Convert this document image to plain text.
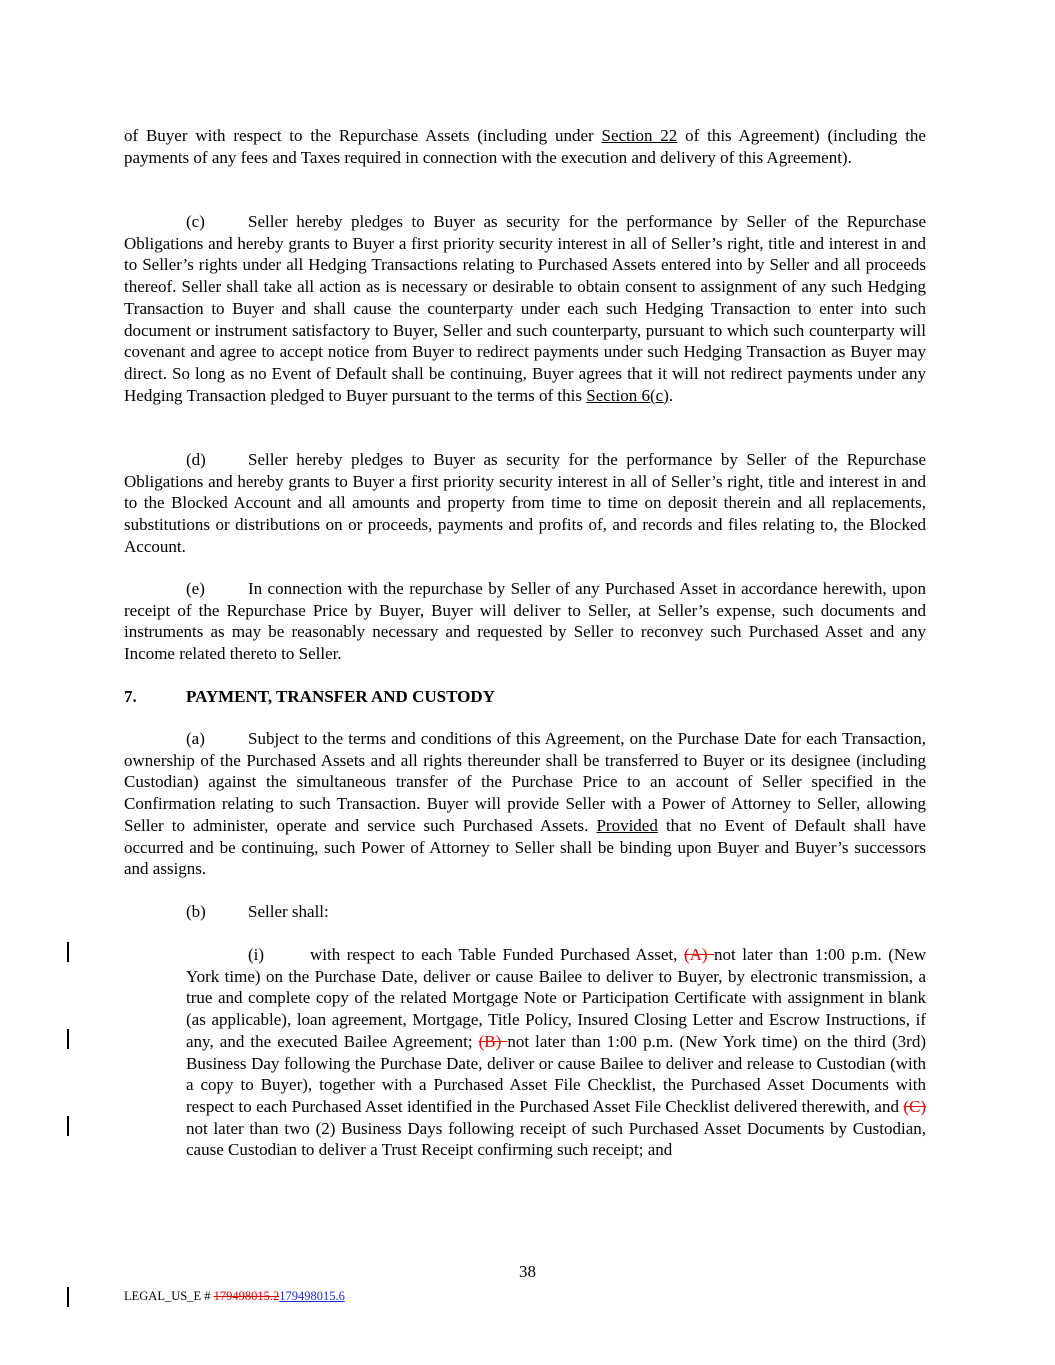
of Buyer with respect to the Repurchase Assets (including under Section 22 of this Agreement) (including the payments of any fees and Taxes required in connection with the execution and delivery of this Agreement).

(c)	Seller hereby pledges to Buyer as security for the performance by Seller of the Repurchase Obligations and hereby grants to Buyer a first priority security interest in all of Seller’s right, title and interest in and to Seller’s rights under all Hedging Transactions relating to Purchased Assets entered into by Seller and all proceeds thereof. Seller shall take all action as is necessary or desirable to obtain consent to assignment of any such Hedging Transaction to Buyer and shall cause the counterparty under each such Hedging Transaction to enter into such document or instrument satisfactory to Buyer, Seller and such counterparty, pursuant to which such counterparty will covenant and agree to accept notice from Buyer to redirect payments under such Hedging Transaction as Buyer may direct. So long as no Event of Default shall be continuing, Buyer agrees that it will not redirect payments under any Hedging Transaction pledged to Buyer pursuant to the terms of this Section 6(c).

(d) Seller hereby pledges to Buyer as security for the performance by Seller of the Repurchase Obligations and hereby grants to Buyer a first priority security interest in all of Seller’s right, title and interest in and to the Blocked Account and all amounts and property from time to time on deposit therein and all replacements, substitutions or distributions on or proceeds, payments and profits of, and records and files relating to, the Blocked Account.

(e)	In connection with the repurchase by Seller of any Purchased Asset in accordance herewith, upon receipt of the Repurchase Price by Buyer, Buyer will deliver to Seller, at Seller’s expense, such documents and instruments as may be reasonably necessary and requested by Seller to reconvey such Purchased Asset and any Income related thereto to Seller.

7.	PAYMENT, TRANSFER AND CUSTODY

(a)	Subject to the terms and conditions of this Agreement, on the Purchase Date for each Transaction, ownership of the Purchased Assets and all rights thereunder shall be transferred to Buyer or its designee (including Custodian) against the simultaneous transfer of the Purchase Price to an account of Seller specified in the Confirmation relating to such Transaction. Buyer will provide Seller with a Power of Attorney to Seller, allowing Seller to administer, operate and service such Purchased Assets. Provided that no Event of Default shall have occurred and be continuing, such Power of Attorney to Seller shall be binding upon Buyer and Buyer’s successors and assigns.

(b) Seller shall:

(i)	with respect to each Table Funded Purchased Asset, (A) not later than 1:00 p.m. (New York time) on the Purchase Date, deliver or cause Bailee to deliver to Buyer, by electronic transmission, a true and complete copy of the related Mortgage Note or Participation Certificate with assignment in blank (as applicable), loan agreement, Mortgage, Title Policy, Insured Closing Letter and Escrow Instructions, if any, and the executed Bailee Agreement; (B) not later than 1:00 p.m. (New York time) on the third (3rd) Business Day following the Purchase Date, deliver or cause Bailee to deliver and release to Custodian (with a copy to Buyer), together with a Purchased Asset File Checklist, the Purchased Asset Documents with respect to each Purchased Asset identified in the Purchased Asset File Checklist delivered therewith, and (C) not later than two (2) Business Days following receipt of such Purchased Asset Documents by Custodian, cause Custodian to deliver a Trust Receipt confirming such receipt; and

38
LEGAL_US_E # 179498015.2179498015.6
